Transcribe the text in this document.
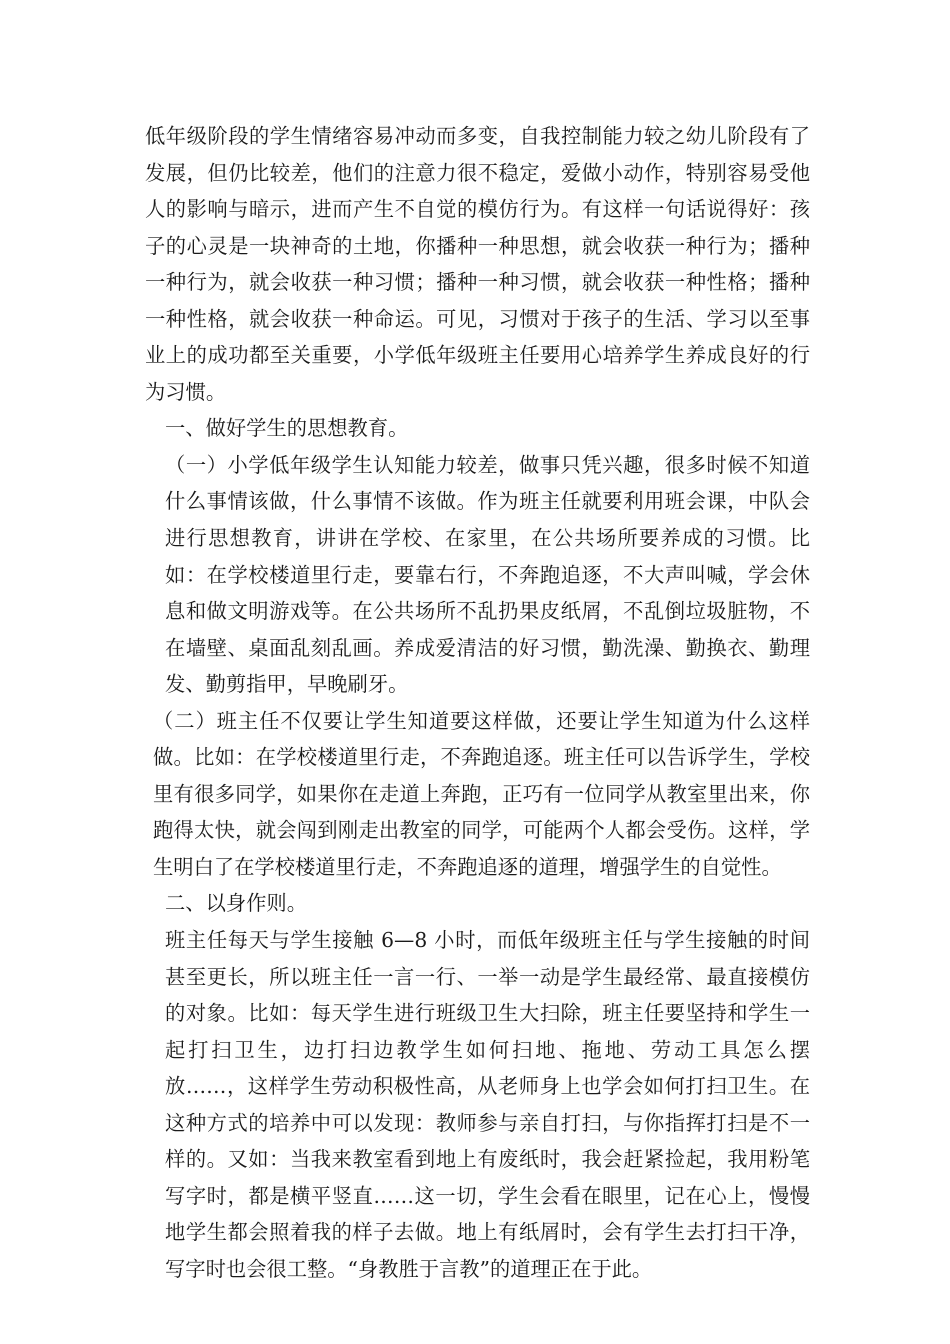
低年级阶段的学生情绪容易冲动而多变，自我控制能力较之幼儿阶段有了发展，但仍比较差，他们的注意力很不稳定，爱做小动作，特别容易受他人的影响与暗示，进而产生不自觉的模仿行为。有这样一句话说得好：孩子的心灵是一块神奇的土地，你播种一种思想，就会收获一种行为；播种一种行为，就会收获一种习惯；播种一种习惯，就会收获一种性格；播种一种性格，就会收获一种命运。可见，习惯对于孩子的生活、学习以至事业上的成功都至关重要，小学低年级班主任要用心培养学生养成良好的行为习惯。

一、做好学生的思想教育。

（一）小学低年级学生认知能力较差，做事只凭兴趣，很多时候不知道什么事情该做，什么事情不该做。作为班主任就要利用班会课，中队会进行思想教育，讲讲在学校、在家里，在公共场所要养成的习惯。比如：在学校楼道里行走，要靠右行，不奔跑追逐，不大声叫喊，学会休息和做文明游戏等。在公共场所不乱扔果皮纸屑，不乱倒垃圾脏物，不在墙壁、桌面乱刻乱画。养成爱清洁的好习惯，勤洗澡、勤换衣、勤理发、勤剪指甲，早晚刷牙。

（二）班主任不仅要让学生知道要这样做，还要让学生知道为什么这样做。比如：在学校楼道里行走，不奔跑追逐。班主任可以告诉学生，学校里有很多同学，如果你在走道上奔跑，正巧有一位同学从教室里出来，你跑得太快，就会闯到刚走出教室的同学，可能两个人都会受伤。这样，学生明白了在学校楼道里行走，不奔跑追逐的道理，增强学生的自觉性。

二、以身作则。

班主任每天与学生接触 6—8 小时，而低年级班主任与学生接触的时间甚至更长，所以班主任一言一行、一举一动是学生最经常、最直接模仿的对象。比如：每天学生进行班级卫生大扫除，班主任要坚持和学生一起打扫卫生，边打扫边教学生如何扫地、拖地、劳动工具怎么摆放……，这样学生劳动积极性高，从老师身上也学会如何打扫卫生。在这种方式的培养中可以发现：教师参与亲自打扫，与你指挥打扫是不一样的。又如：当我来教室看到地上有废纸时，我会赶紧捡起，我用粉笔写字时，都是横平竖直……这一切，学生会看在眼里，记在心上，慢慢地学生都会照着我的样子去做。地上有纸屑时，会有学生去打扫干净，写字时也会很工整。“身教胜于言教”的道理正在于此。
